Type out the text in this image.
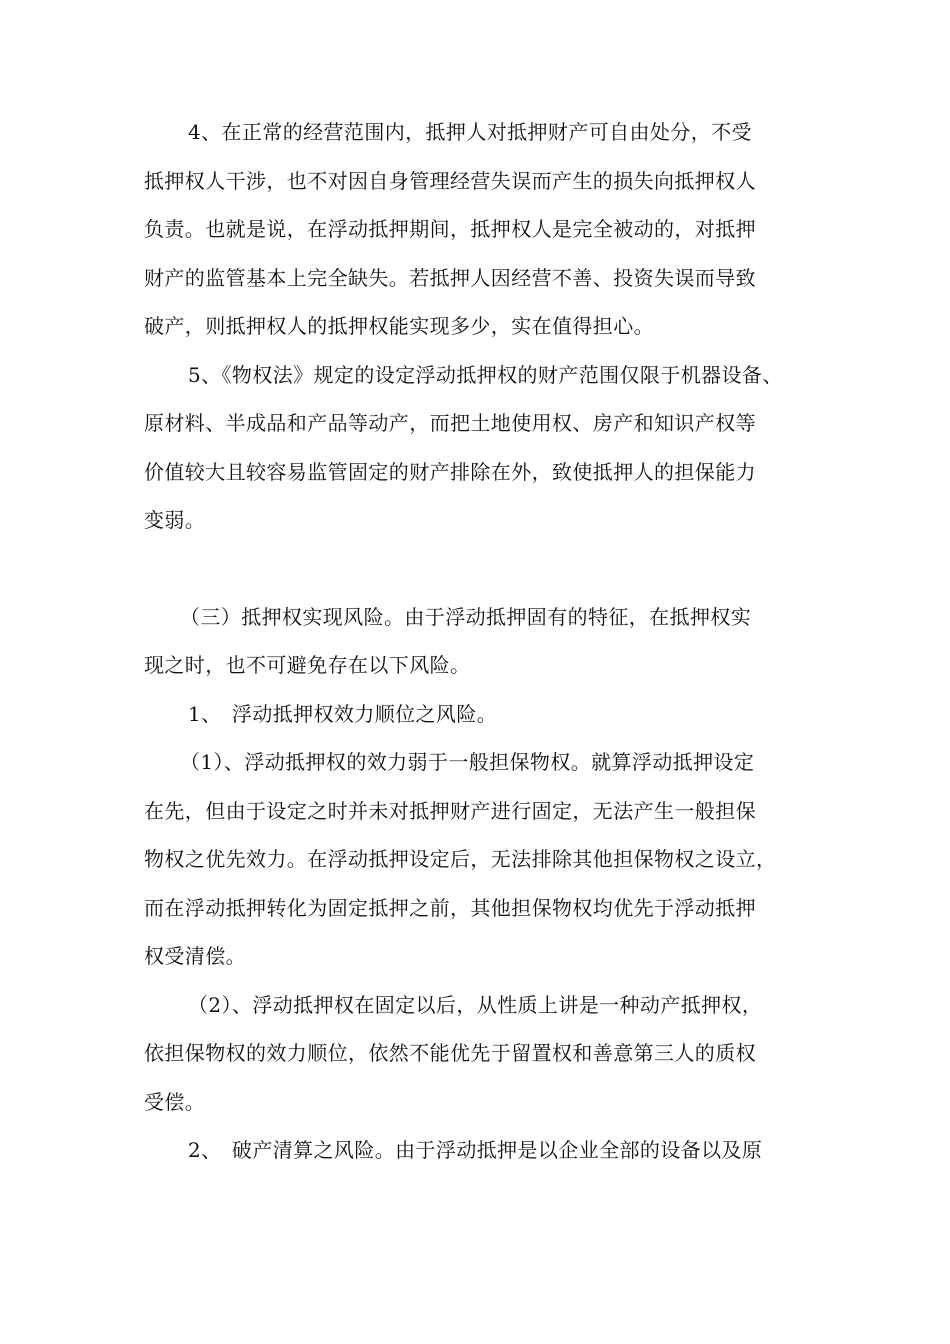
4、在正常的经营范围内，抵押人对抵押财产可自由处分，不受
抵押权人干涉，也不对因自身管理经营失误而产生的损失向抵押权人
负责。也就是说，在浮动抵押期间，抵押权人是完全被动的，对抵押
财产的监管基本上完全缺失。若抵押人因经营不善、投资失误而导致
破产，则抵押权人的抵押权能实现多少，实在值得担心。

5、《物权法》规定的设定浮动抵押权的财产范围仅限于机器设备、
原材料、半成品和产品等动产，而把土地使用权、房产和知识产权等
价值较大且较容易监管固定的财产排除在外，致使抵押人的担保能力
变弱。

（三）抵押权实现风险。由于浮动抵押固有的特征，在抵押权实
现之时，也不可避免存在以下风险。

1、　浮动抵押权效力顺位之风险。

（1）、浮动抵押权的效力弱于一般担保物权。就算浮动抵押设定
在先，但由于设定之时并未对抵押财产进行固定，无法产生一般担保
物权之优先效力。在浮动抵押设定后，无法排除其他担保物权之设立，
而在浮动抵押转化为固定抵押之前，其他担保物权均优先于浮动抵押
权受清偿。

（2）、浮动抵押权在固定以后，从性质上讲是一种动产抵押权，
依担保物权的效力顺位，依然不能优先于留置权和善意第三人的质权
受偿。

2、　破产清算之风险。由于浮动抵押是以企业全部的设备以及原
